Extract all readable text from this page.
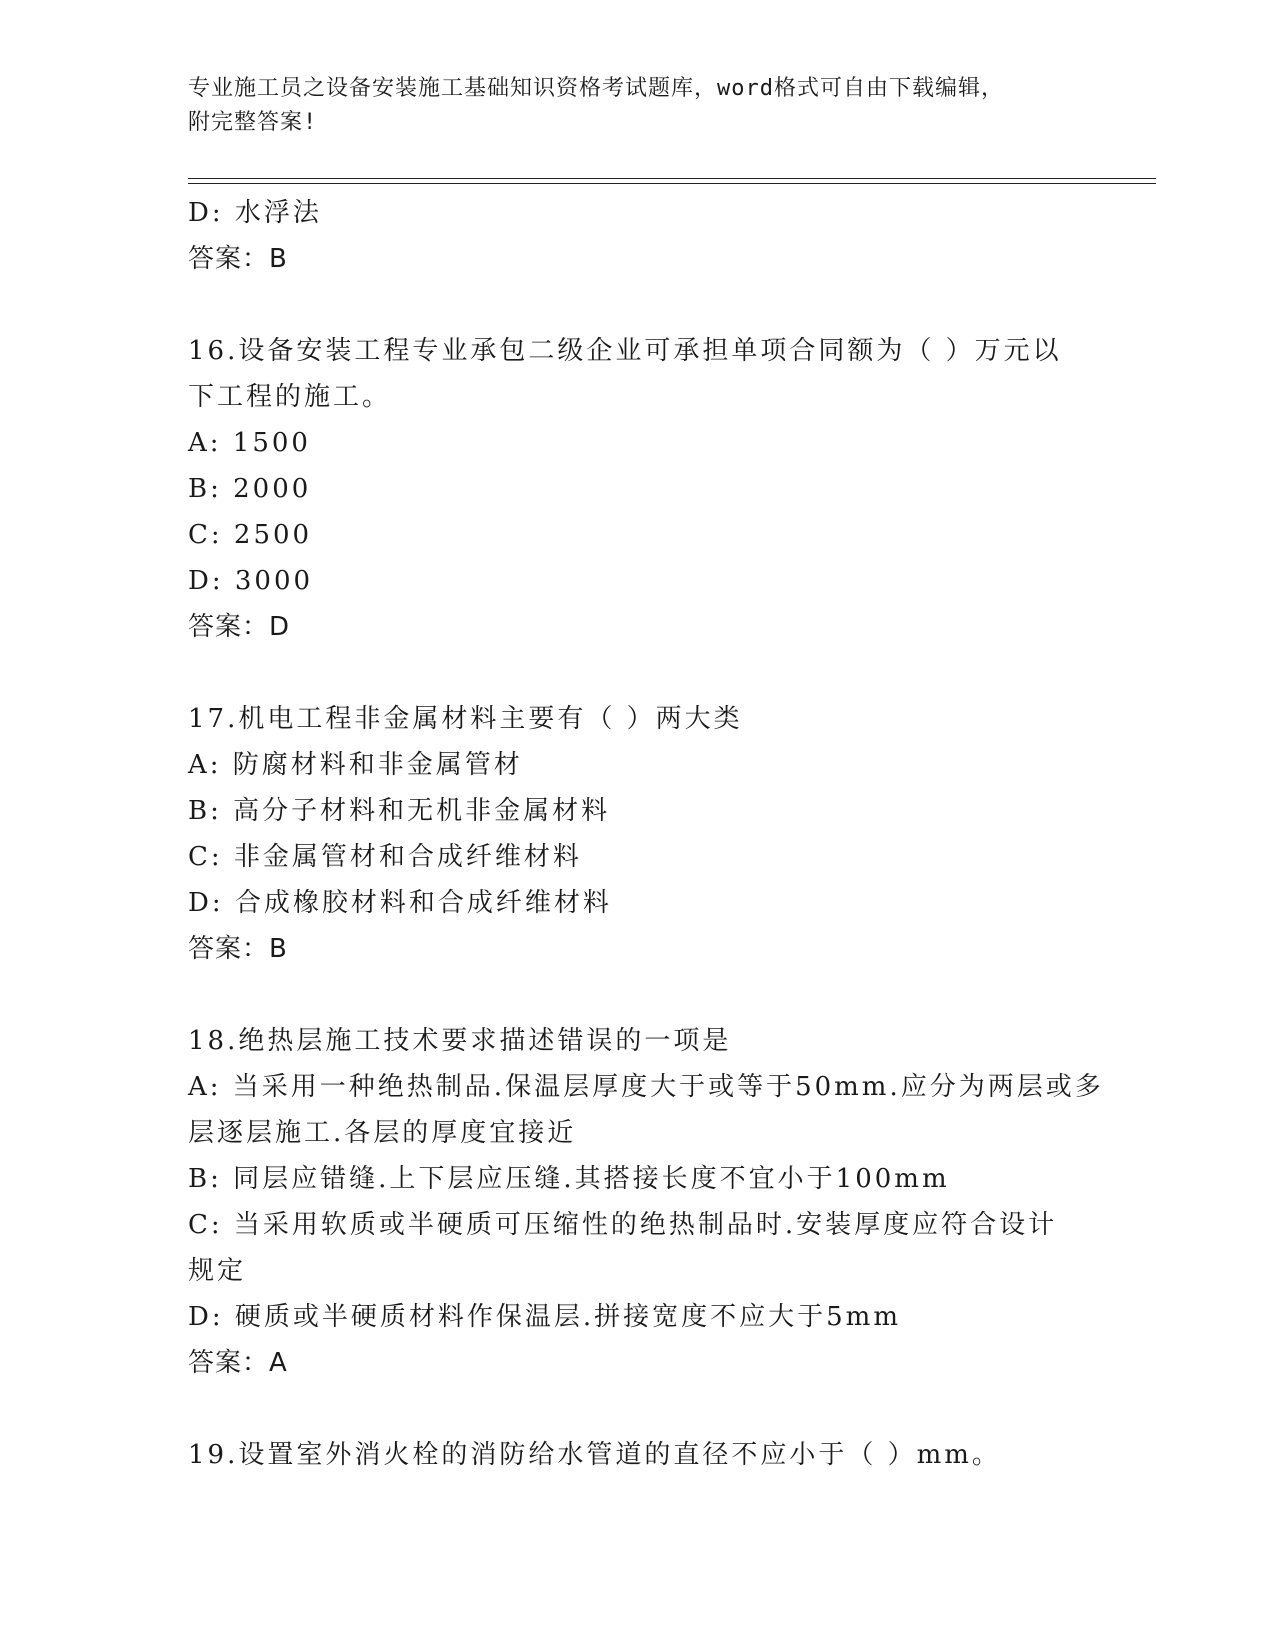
专业施工员之设备安装施工基础知识资格考试题库，word格式可自由下载编辑，
附完整答案!
D: 水浮法
答案：B
16.设备安装工程专业承包二级企业可承担单项合同额为（ ）万元以
下工程的施工。
A: 1500
B: 2000
C: 2500
D: 3000
答案：D
17.机电工程非金属材料主要有（ ）两大类
A: 防腐材料和非金属管材
B: 高分子材料和无机非金属材料
C: 非金属管材和合成纤维材料
D: 合成橡胶材料和合成纤维材料
答案：B
18.绝热层施工技术要求描述错误的一项是
A: 当采用一种绝热制品.保温层厚度大于或等于50mm.应分为两层或多
层逐层施工.各层的厚度宜接近
B: 同层应错缝.上下层应压缝.其搭接长度不宜小于100mm
C: 当采用软质或半硬质可压缩性的绝热制品时.安装厚度应符合设计
规定
D: 硬质或半硬质材料作保温层.拼接宽度不应大于5mm
答案：A
19.设置室外消火栓的消防给水管道的直径不应小于（ ）mm。
